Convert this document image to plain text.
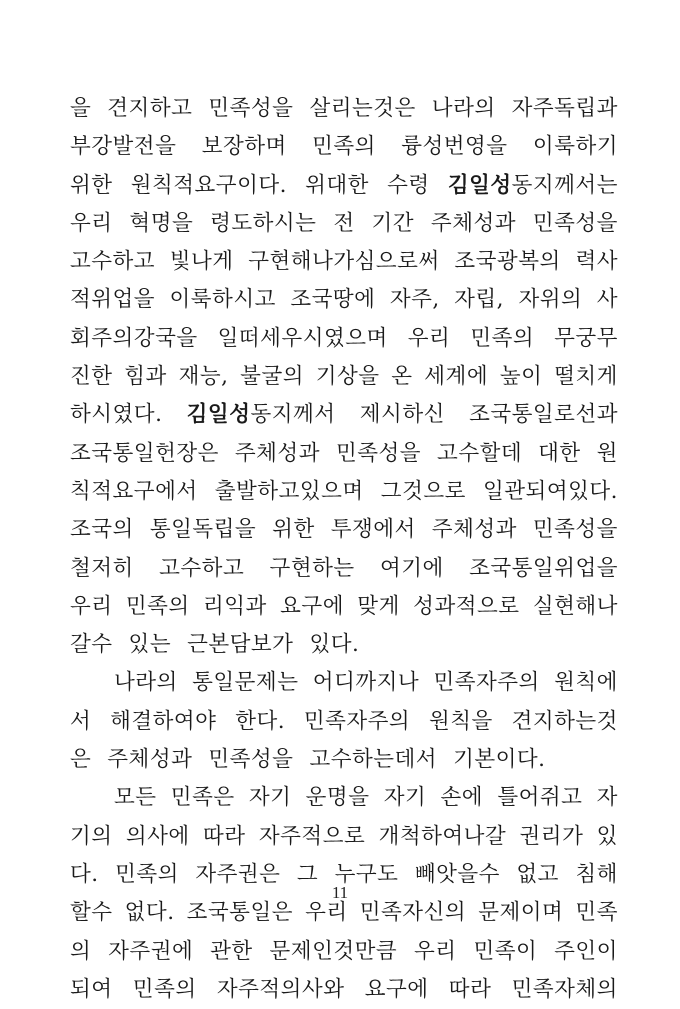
을 견지하고 민족성을 살리는것은 나라의 자주독립과
부강발전을 보장하며 민족의 륭성번영을 이룩하기
위한 원칙적요구이다. 위대한 수령 김일성동지께서는
우리 혁명을 령도하시는 전 기간 주체성과 민족성을
고수하고 빛나게 구현해나가심으로써 조국광복의 력사
적위업을 이룩하시고 조국땅에 자주, 자립, 자위의 사
회주의강국을 일떠세우시였으며 우리 민족의 무궁무
진한 힘과 재능, 불굴의 기상을 온 세계에 높이 떨치게
하시였다. 김일성동지께서 제시하신 조국통일로선과
조국통일헌장은 주체성과 민족성을 고수할데 대한 원
칙적요구에서 출발하고있으며 그것으로 일관되여있다.
조국의 통일독립을 위한 투쟁에서 주체성과 민족성을
철저히 고수하고 구현하는 여기에 조국통일위업을
우리 민족의 리익과 요구에 맞게 성과적으로 실현해나
갈수 있는 근본담보가 있다.
나라의 통일문제는 어디까지나 민족자주의 원칙에
서 해결하여야 한다. 민족자주의 원칙을 견지하는것
은 주체성과 민족성을 고수하는데서 기본이다.
모든 민족은 자기 운명을 자기 손에 틀어쥐고 자
기의 의사에 따라 자주적으로 개척하여나갈 권리가 있
다. 민족의 자주권은 그 누구도 빼앗을수 없고 침해
할수 없다. 조국통일은 우리 민족자신의 문제이며 민족
의 자주권에 관한 문제인것만큼 우리 민족이 주인이
되여 민족의 자주적의사와 요구에 따라 민족자체의
11
